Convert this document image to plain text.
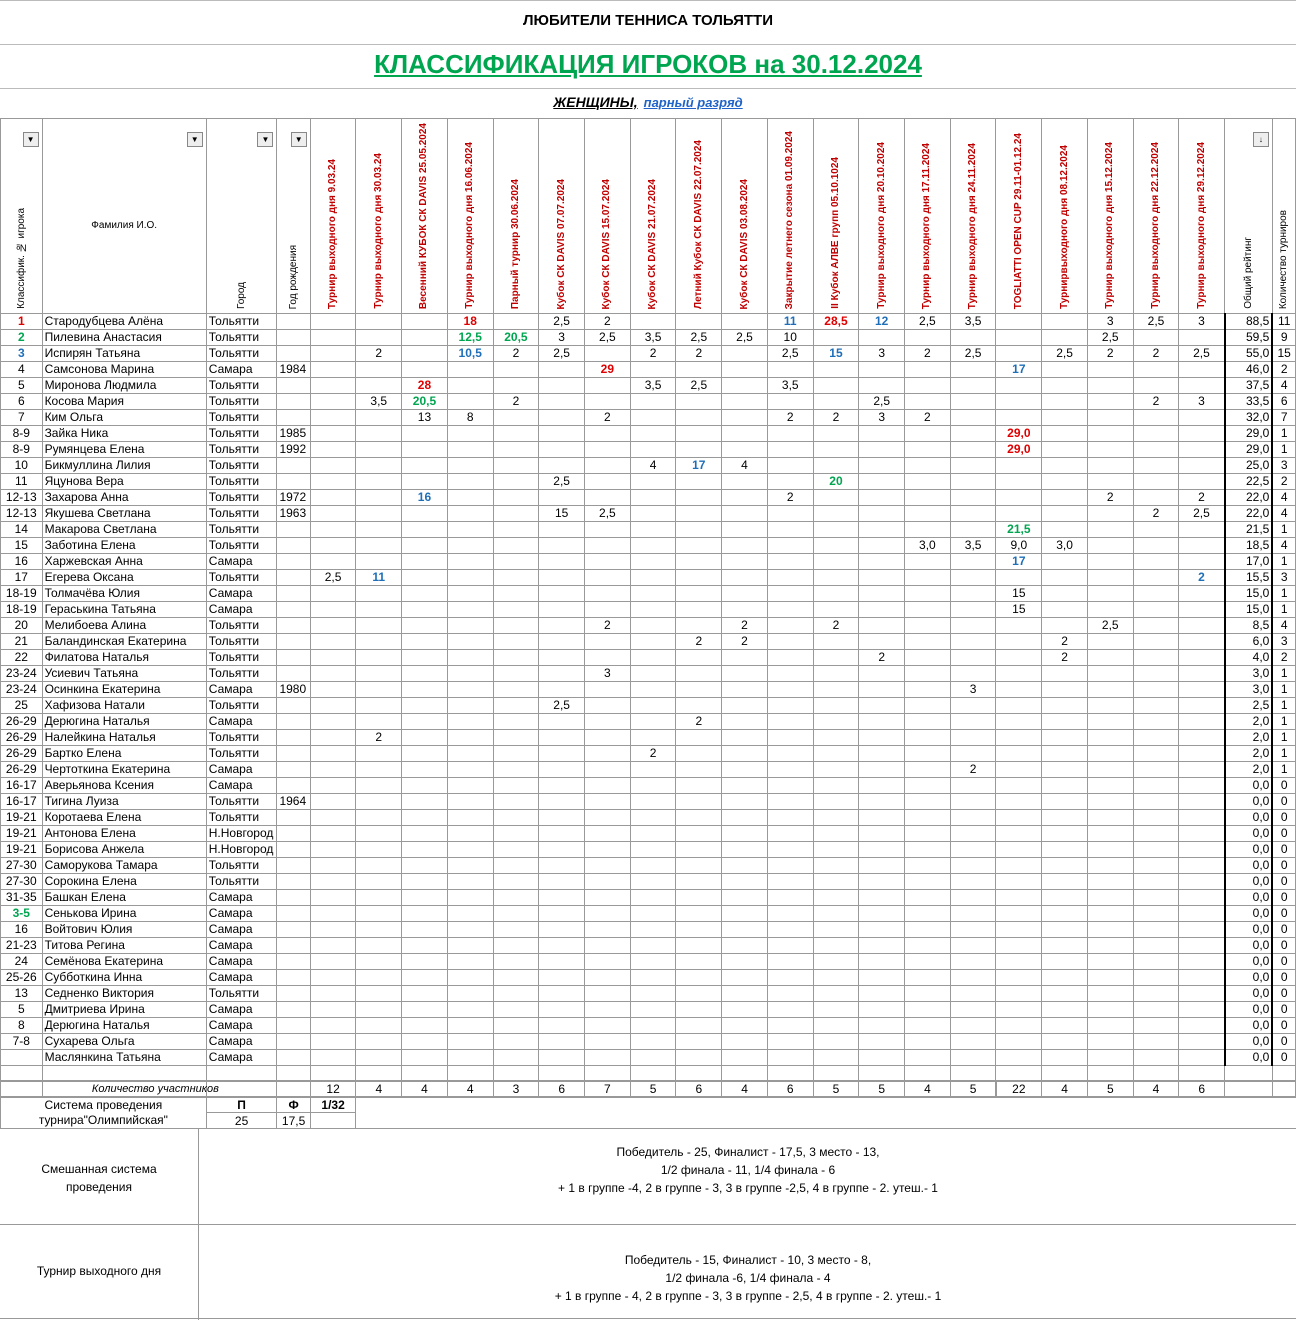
ЛЮБИТЕЛИ ТЕННИСА ТОЛЬЯТТИ
КЛАССИФИКАЦИЯ ИГРОКОВ на 30.12.2024
ЖЕНЩИНЫ, парный разряд
▼
Классифик. № игрока	▼
Фамилия И.О.	▼
Город	▼
Год рождения	Турнир выходного дня 9.03.24	Турнир выходного дня 30.03.24	Весенний КУБОК СК DAVIS 25.05.2024	Турнир выходного дня 16.06.2024	Парный турнир 30.06.2024	Кубок СК DAVIS 07.07.2024	Кубок СК DAVIS 15.07.2024	Кубок СК DAVIS 21.07.2024	Летний Кубок СК DAVIS 22.07.2024	Кубок СК DAVIS 03.08.2024	Закрытие летнего сезона 01.09.2024	II Кубок АЛВЕ групп 05.10.1024	Турнир выходного дня 20.10.2024	Турнир выходного дня 17.11.2024	Турнир выходного дня 24.11.2024	TOGLIATTI OPEN CUP 29.11-01.12.24	Турнирвыходного дня 08.12.2024	Турнир выходного дня 15.12.2024	Турнир выходного дня 22.12.2024	Турнир выходного дня 29.12.2024	↓
Общий рейтинг	Количество турниров

1	Стародубцева Алёна	Тольятти					18		2,5	2				11	28,5	12	2,5	3,5			3	2,5	3	88,5	11
2	Пилевина Анастасия	Тольятти					12,5	20,5	3	2,5	3,5	2,5	2,5	10							2,5			59,5	9
3	Испирян Татьяна	Тольятти			2		10,5	2	2,5		2	2		2,5	15	3	2	2,5		2,5	2	2	2,5	55,0	15
4	Самсонова Марина	Самара	1984							29									17					46,0	2
5	Миронова Людмила	Тольятти				28					3,5	2,5		3,5										37,5	4
6	Косова Мария	Тольятти			3,5	20,5		2								2,5						2	3	33,5	6
7	Ким Ольга	Тольятти				13	8			2				2	2	3	2							32,0	7
8-9	Зайка Ника	Тольятти	1985																29,0					29,0	1
8-9	Румянцева Елена	Тольятти	1992																29,0					29,0	1
10	Бикмуллина Лилия	Тольятти									4	17	4											25,0	3
11	Яцунова Вера	Тольятти							2,5						20									22,5	2
12-13	Захарова Анна	Тольятти	1972			16								2							2		2	22,0	4
12-13	Якушева Светлана	Тольятти	1963						15	2,5												2	2,5	22,0	4
14	Макарова Светлана	Тольятти																	21,5					21,5	1
15	Заботина Елена	Тольятти															3,0	3,5	9,0	3,0				18,5	4
16	Харжевская Анна	Самара																	17					17,0	1
17	Егерева Оксана	Тольятти		2,5	11																		2	15,5	3
18-19	Толмачёва Юлия	Самара																	15					15,0	1
18-19	Гераськина Татьяна	Самара																	15					15,0	1
20	Мелибоева Алина	Тольятти								2			2		2						2,5			8,5	4
21	Баландинская Екатерина	Тольятти										2	2							2				6,0	3
22	Филатова Наталья	Тольятти														2				2				4,0	2
23-24	Усиевич Татьяна	Тольятти								3														3,0	1
23-24	Осинкина Екатерина	Самара	1980															3						3,0	1
25	Хафизова Натали	Тольятти							2,5															2,5	1
26-29	Дерюгина Наталья	Самара										2												2,0	1
26-29	Налейкина Наталья	Тольятти			2																			2,0	1
26-29	Бартко Елена	Тольятти									2													2,0	1
26-29	Чертоткина Екатерина	Самара																2						2,0	1
16-17	Аверьянова Ксения	Самара																						0,0	0
16-17	Тигина Луиза	Тольятти	1964																					0,0	0
19-21	Коротаева Елена	Тольятти																						0,0	0
19-21	Антонова Елена	Н.Новгород																						0,0	0
19-21	Борисова Анжела	Н.Новгород																						0,0	0
27-30	Саморукова Тамара	Тольятти																						0,0	0
27-30	Сорокина Елена	Тольятти																						0,0	0
31-35	Башкан Елена	Самара																						0,0	0
3-5	Сенькова Ирина	Самара																						0,0	0
16	Войтович Юлия	Самара																						0,0	0
21-23	Титова Регина	Самара																						0,0	0
24	Семёнова Екатерина	Самара																						0,0	0
25-26	Субботкина Инна	Самара																						0,0	0
13	Седненко Виктория	Тольятти																						0,0	0
5	Дмитриева Ирина	Самара																						0,0	0
8	Дерюгина Наталья	Самара																						0,0	0
7-8	Сухарева Ольга	Самара																						0,0	0
	Маслянкина Татьяна	Самара																						0,0	0

Количество участников			12	4	4	4	3	6	7	5	6	4	6	5	5	4	5	22	4	5	4	6		
Система проведения	П	Ф	1/32																					
турнира"Олимпийская"	25	17,5																						
Смешанная система проведения
Победитель - 25, Финалист - 17,5, 3 место - 13,
1/2 финала - 11, 1/4 финала - 6
+ 1 в группе -4, 2 в группе - 3, 3 в группе -2,5, 4 в группе - 2. утеш.- 1
Турнир выходного дня
Победитель - 15, Финалист - 10, 3 место - 8,
1/2 финала -6, 1/4 финала - 4
+ 1 в группе - 4, 2 в группе - 3, 3 в группе - 2,5, 4 в группе - 2. утеш.- 1
